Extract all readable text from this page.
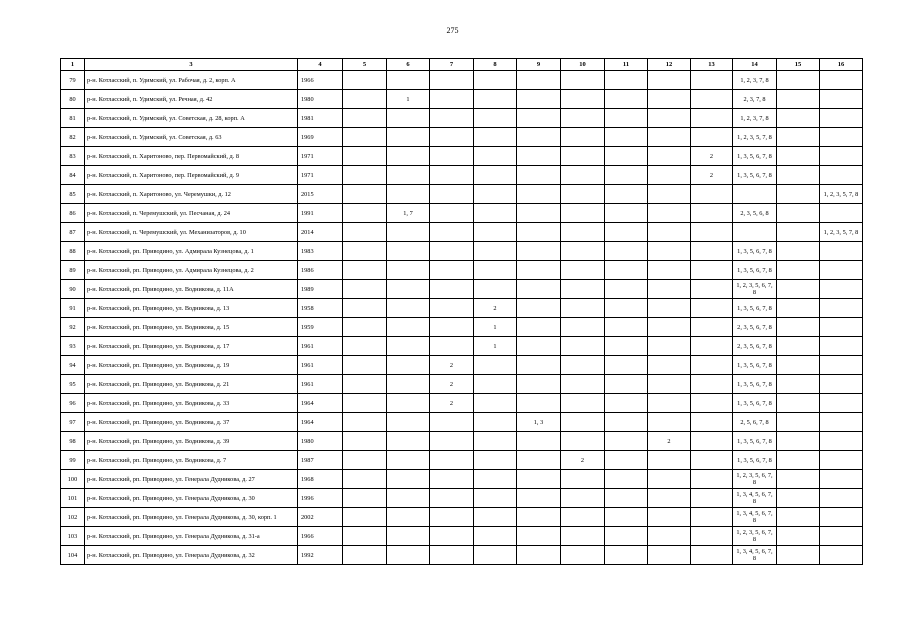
275
1	3	4	5	6	7	8	9	10	11	12	13	14	15	16
79	р-н. Котласский, п. Удимский, ул. Рабочая, д. 2, корп. А	1966										1, 2, 3, 7, 8		
80	р-н. Котласский, п. Удимский, ул. Речная, д. 42	1980		1								2, 3, 7, 8		
81	р-н. Котласский, п. Удимский, ул. Советская, д. 28, корп. А	1981										1, 2, 3, 7, 8		
82	р-н. Котласский, п. Удимский, ул. Советская, д. 63	1969										1, 2, 3, 5, 7, 8		
83	р-н. Котласский, п. Харитоново, пер. Первомайский, д. 8	1971									2	1, 3, 5, 6, 7, 8		
84	р-н. Котласский, п. Харитоново, пер. Первомайский, д. 9	1971									2	1, 3, 5, 6, 7, 8		
85	р-н. Котласский, п. Харитоново, ул. Черемушки, д. 12	2015												1, 2, 3, 5, 7, 8
86	р-н. Котласский, п. Черемушский, ул. Песчаная, д. 24	1991		1, 7								2, 3, 5, 6, 8		
87	р-н. Котласский, п. Черемушский, ул. Механизаторов, д. 10	2014												1, 2, 3, 5, 7, 8
88	р-н. Котласский, рп. Приводино, ул. Адмирала Кузнецова, д. 1	1983										1, 3, 5, 6, 7, 8		
89	р-н. Котласский, рп. Приводино, ул. Адмирала Кузнецова, д. 2	1986										1, 3, 5, 6, 7, 8		
90	р-н. Котласский, рп. Приводино, ул. Водникова, д. 11А	1989										1, 2, 3, 5, 6, 7, 8		
91	р-н. Котласский, рп. Приводино, ул. Водникова, д. 13	1958				2						1, 3, 5, 6, 7, 8		
92	р-н. Котласский, рп. Приводино, ул. Водникова, д. 15	1959				1						2, 3, 5, 6, 7, 8		
93	р-н. Котласский, рп. Приводино, ул. Водникова, д. 17	1961				1						2, 3, 5, 6, 7, 8		
94	р-н. Котласский, рп. Приводино, ул. Водникова, д. 19	1961			2							1, 3, 5, 6, 7, 8		
95	р-н. Котласский, рп. Приводино, ул. Водникова, д. 21	1961			2							1, 3, 5, 6, 7, 8		
96	р-н. Котласский, рп. Приводино, ул. Водникова, д. 33	1964			2							1, 3, 5, 6, 7, 8		
97	р-н. Котласский, рп. Приводино, ул. Водникова, д. 37	1964					1, 3					2, 5, 6, 7, 8		
98	р-н. Котласский, рп. Приводино, ул. Водникова, д. 39	1980								2		1, 3, 5, 6, 7, 8		
99	р-н. Котласский, рп. Приводино, ул. Водникова, д. 7	1987						2				1, 3, 5, 6, 7, 8		
100	р-н. Котласский, рп. Приводино, ул. Генерала Дудникова, д. 27	1968										1, 2, 3, 5, 6, 7, 8		
101	р-н. Котласский, рп. Приводино, ул. Генерала Дудникова, д. 30	1996										1, 3, 4, 5, 6, 7, 8		
102	р-н. Котласский, рп. Приводино, ул. Генерала Дудникова, д. 30, корп. 1	2002										1, 3, 4, 5, 6, 7, 8		
103	р-н. Котласский, рп. Приводино, ул. Генерала Дудникова, д. 31-а	1966										1, 2, 3, 5, 6, 7, 8		
104	р-н. Котласский, рп. Приводино, ул. Генерала Дудникова, д. 32	1992										1, 3, 4, 5, 6, 7, 8		
